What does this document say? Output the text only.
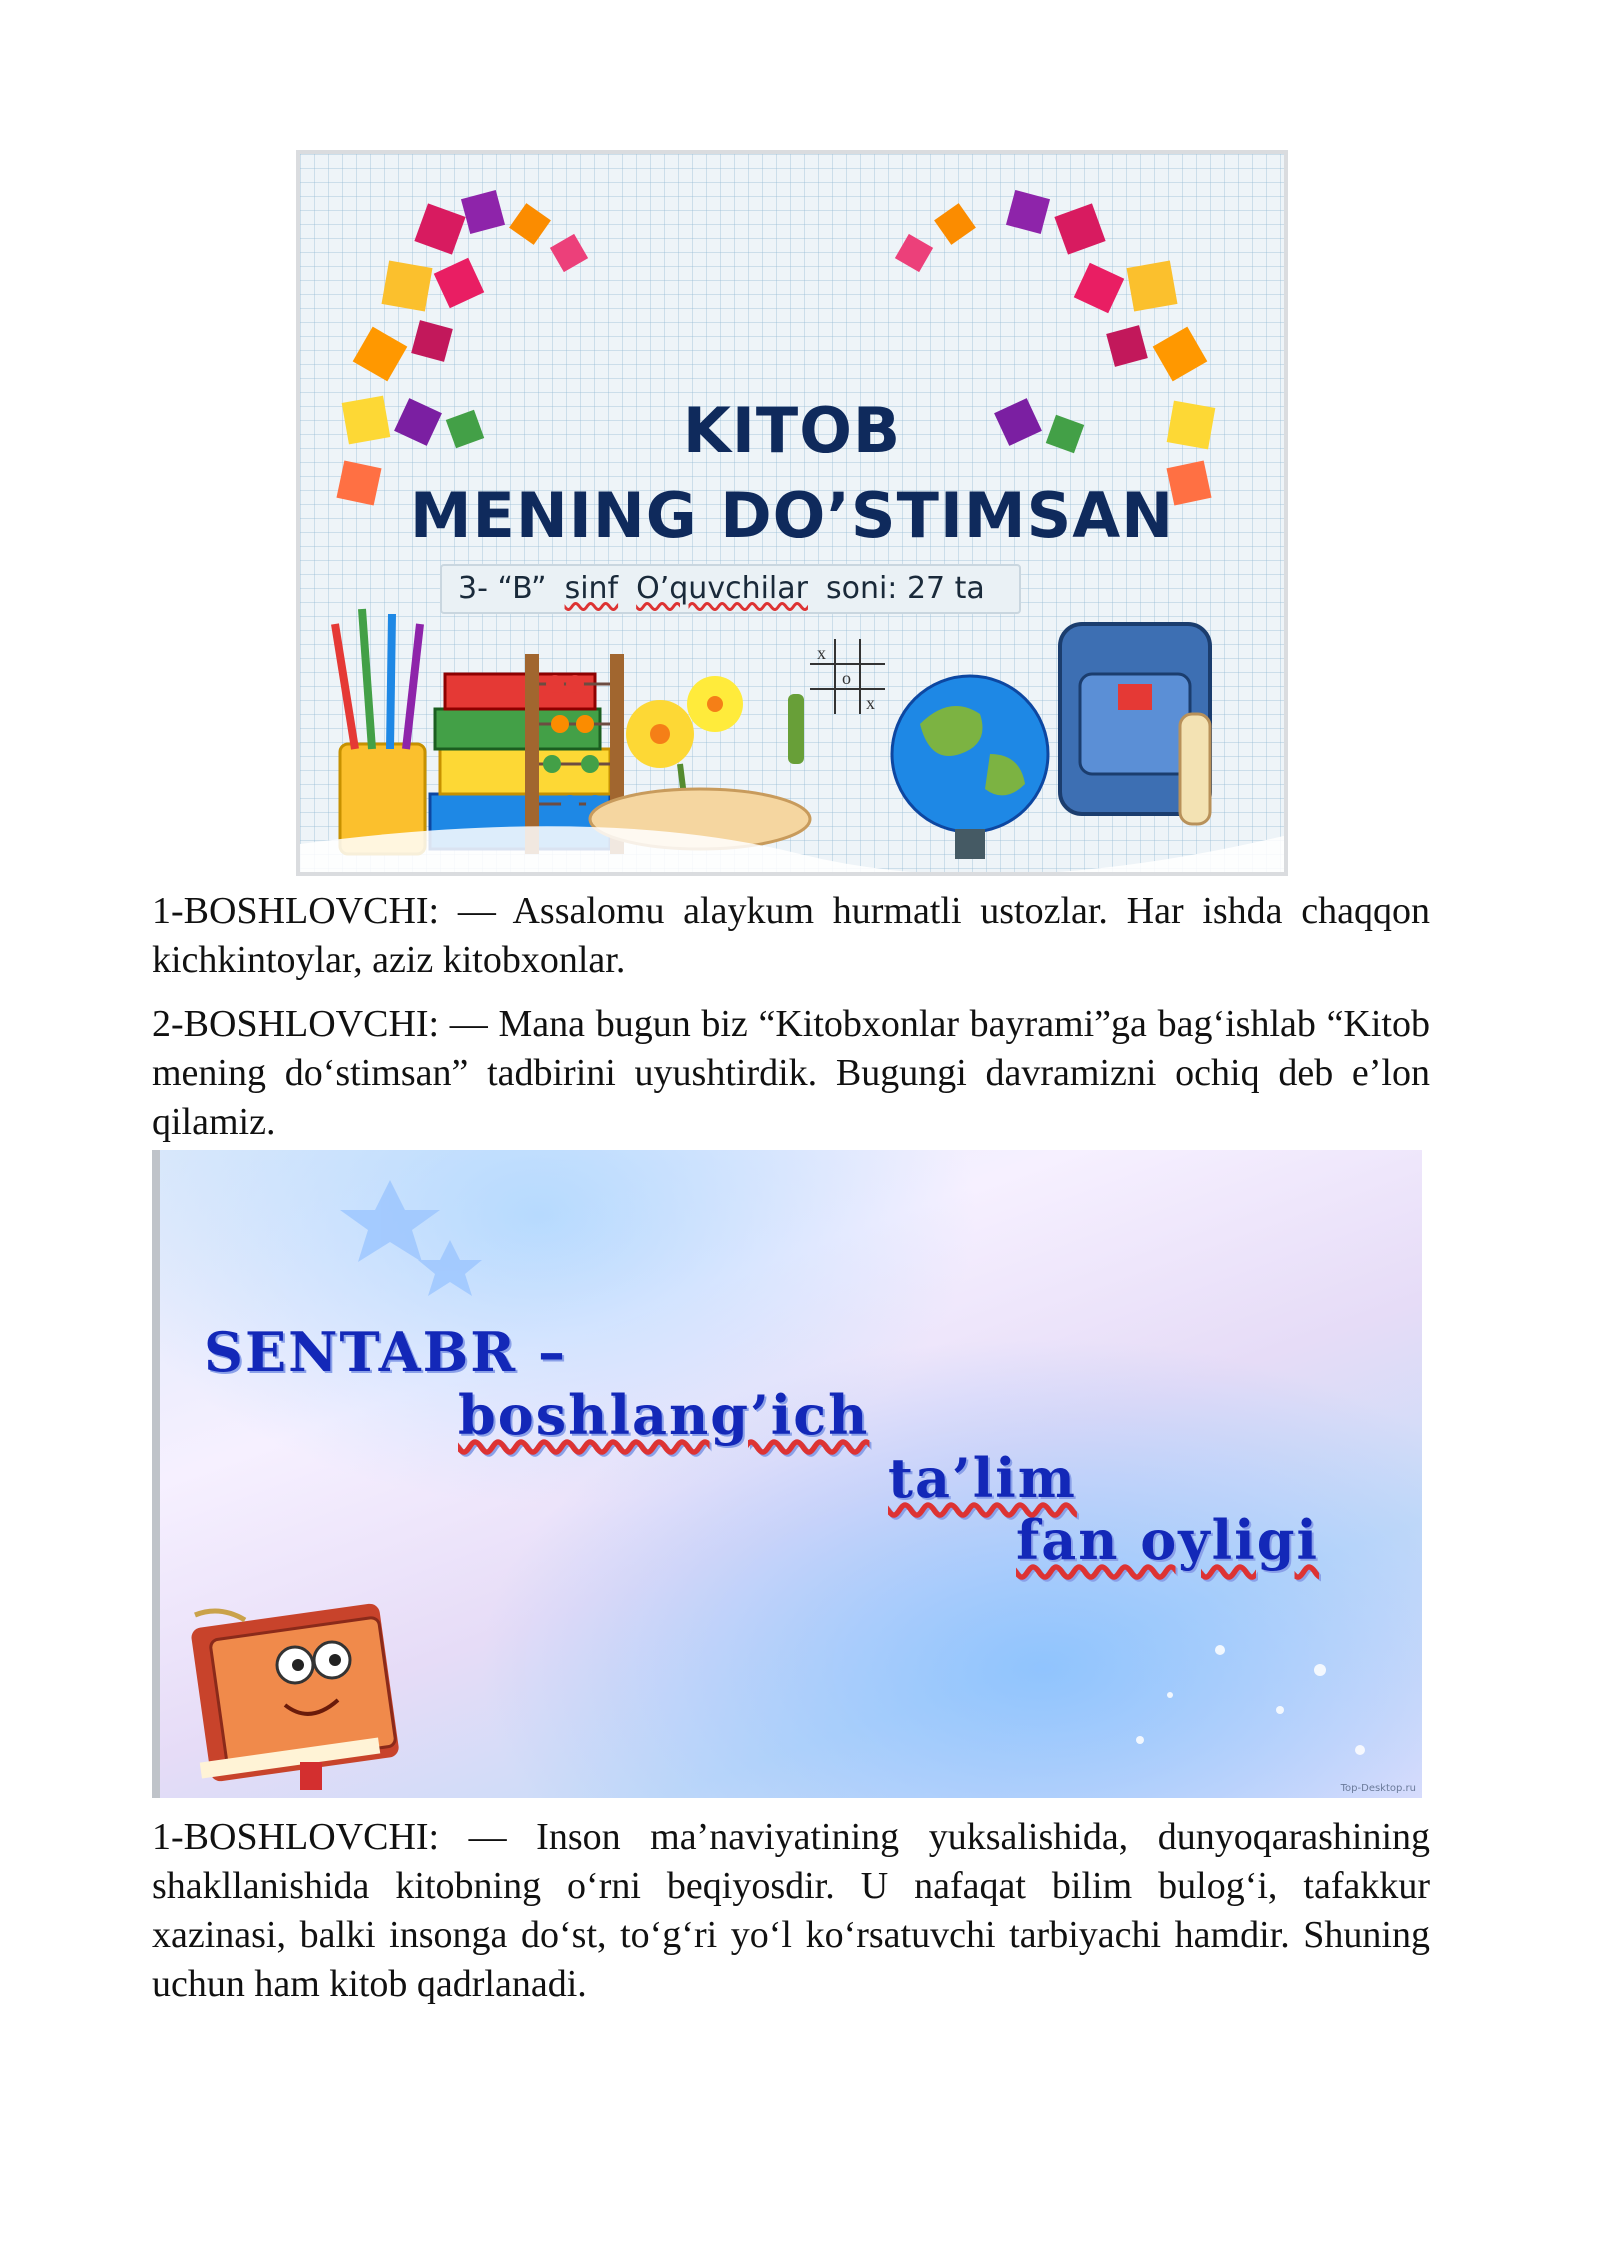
x
o
x
KITOB
MENING DO’STIMSAN
3- “B” sinf O’quvchilar soni: 27 ta

1-BOSHLOVCHI: — Assalomu alaykum hurmatli ustozlar. Har ishda chaqqon kichkintoylar, aziz kitobxonlar.

2-BOSHLOVCHI: — Mana bugun biz “Kitobxonlar bayrami”ga bag‘ishlab “Kitob mening do‘stimsan” tadbirini uyushtirdik. Bugungi davramizni ochiq deb e’lon qilamiz.

SENTABR –
boshlang’ich
ta’lim
fan oyligi
Top-Desktop.ru

1-BOSHLOVCHI: — Inson ma’naviyatining yuksalishida, dunyoqarashining shakllanishida kitobning o‘rni beqiyosdir. U nafaqat bilim bulog‘i, tafakkur xazinasi, balki insonga do‘st, to‘g‘ri yo‘l ko‘rsatuvchi tarbiyachi hamdir. Shuning uchun ham kitob qadrlanadi.
